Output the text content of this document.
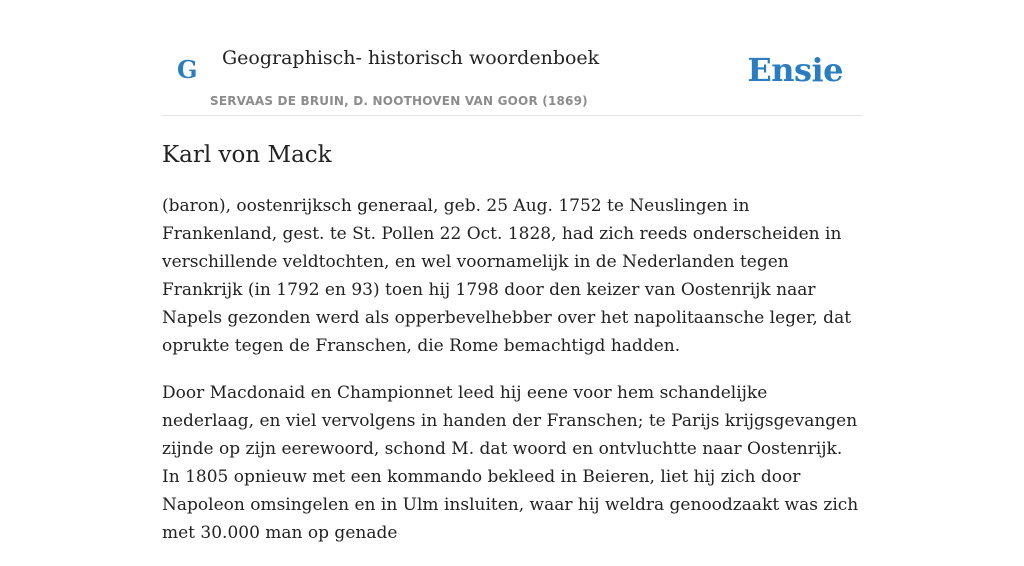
G Geographisch- historisch woordenboek
SERVAAS DE BRUIN, D. NOOTHOVEN VAN GOOR (1869)
Ensie
Karl von Mack

(baron), oostenrijksch generaal, geb. 25 Aug. 1752 te Neuslingen in Frankenland, gest. te St. Pollen 22 Oct. 1828, had zich reeds onderscheiden in verschillende veldtochten, en wel voornamelijk in de Nederlanden tegen Frankrijk (in 1792 en 93) toen hij 1798 door den keizer van Oostenrijk naar Napels gezonden werd als opperbevelhebber over het napolitaansche leger, dat oprukte tegen de Franschen, die Rome bemachtigd hadden.

Door Macdonaid en Championnet leed hij eene voor hem schandelijke nederlaag, en viel vervolgens in handen der Franschen; te Parijs krijgsgevangen zijnde op zijn eerewoord, schond M. dat woord en ontvluchtte naar Oostenrijk. In 1805 opnieuw met een kommando bekleed in Beieren, liet hij zich door Napoleon omsingelen en in Ulm insluiten, waar hij weldra genoodzaakt was zich met 30.000 man op genade
